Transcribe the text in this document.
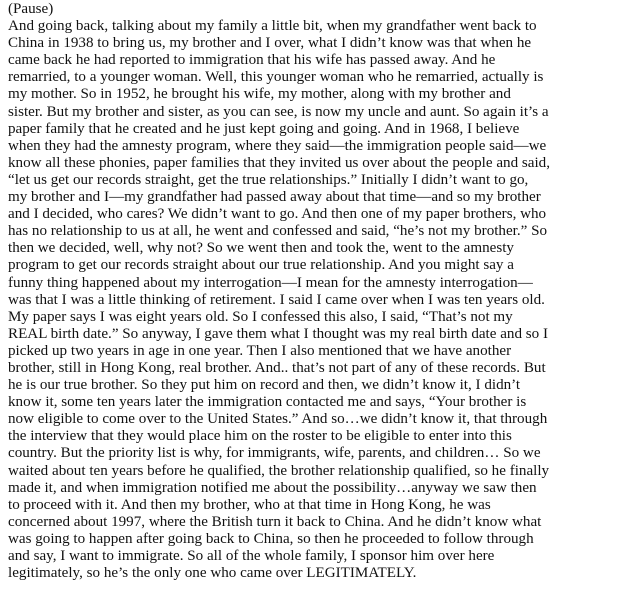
(Pause)
And going back, talking about my family a little bit, when my grandfather went back to
China in 1938 to bring us, my brother and I over, what I didn’t know was that when he
came back he had reported to immigration that his wife has passed away. And he
remarried, to a younger woman. Well, this younger woman who he remarried, actually is
my mother. So in 1952, he brought his wife, my mother, along with my brother and
sister. But my brother and sister, as you can see, is now my uncle and aunt. So again it’s a
paper family that he created and he just kept going and going. And in 1968, I believe
when they had the amnesty program, where they said—the immigration people said—we
know all these phonies, paper families that they invited us over about the people and said,
“let us get our records straight, get the true relationships.” Initially I didn’t want to go,
my brother and I—my grandfather had passed away about that time—and so my brother
and I decided, who cares? We didn’t want to go. And then one of my paper brothers, who
has no relationship to us at all, he went and confessed and said, “he’s not my brother.” So
then we decided, well, why not? So we went then and took the, went to the amnesty
program to get our records straight about our true relationship. And you might say a
funny thing happened about my interrogation—I mean for the amnesty interrogation—
was that I was a little thinking of retirement. I said I came over when I was ten years old.
My paper says I was eight years old. So I confessed this also, I said, “That’s not my
REAL birth date.” So anyway, I gave them what I thought was my real birth date and so I
picked up two years in age in one year. Then I also mentioned that we have another
brother, still in Hong Kong, real brother. And.. that’s not part of any of these records. But
he is our true brother. So they put him on record and then, we didn’t know it, I didn’t
know it, some ten years later the immigration contacted me and says, “Your brother is
now eligible to come over to the United States.” And so…we didn’t know it, that through
the interview that they would place him on the roster to be eligible to enter into this
country. But the priority list is why, for immigrants, wife, parents, and children… So we
waited about ten years before he qualified, the brother relationship qualified, so he finally
made it, and when immigration notified me about the possibility…anyway we saw then
to proceed with it. And then my brother, who at that time in Hong Kong, he was
concerned about 1997, where the British turn it back to China. And he didn’t know what
was going to happen after going back to China, so then he proceeded to follow through
and say, I want to immigrate. So all of the whole family, I sponsor him over here
legitimately, so he’s the only one who came over LEGITIMATELY.
